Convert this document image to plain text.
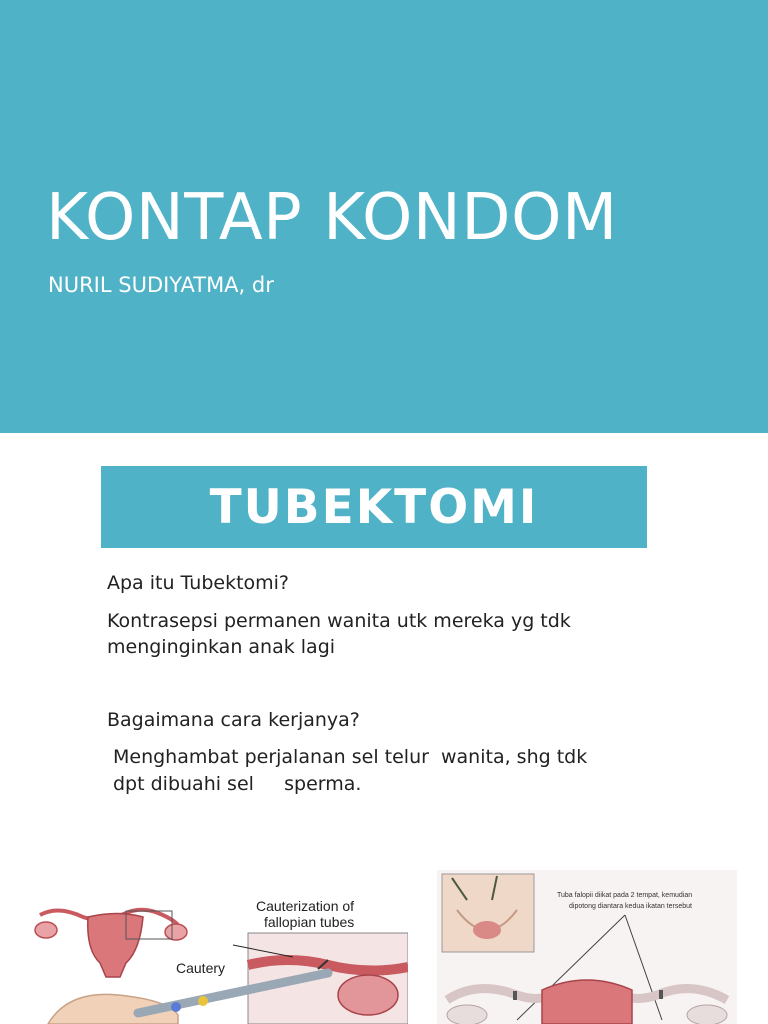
KONTAP KONDOM
NURIL SUDIYATMA, dr
TUBEKTOMI
Apa itu Tubektomi?
Kontrasepsi permanen wanita utk mereka yg tdk
menginginkan anak lagi
Bagaimana cara kerjanya?
Menghambat perjalanan sel telur  wanita, shg tdk
dpt dibuahi sel     sperma.
Cauterization of
fallopian tubes
Cautery
Tuba falopii diikat pada 2 tempat, kemudian
dipotong diantara kedua ikatan tersebut
